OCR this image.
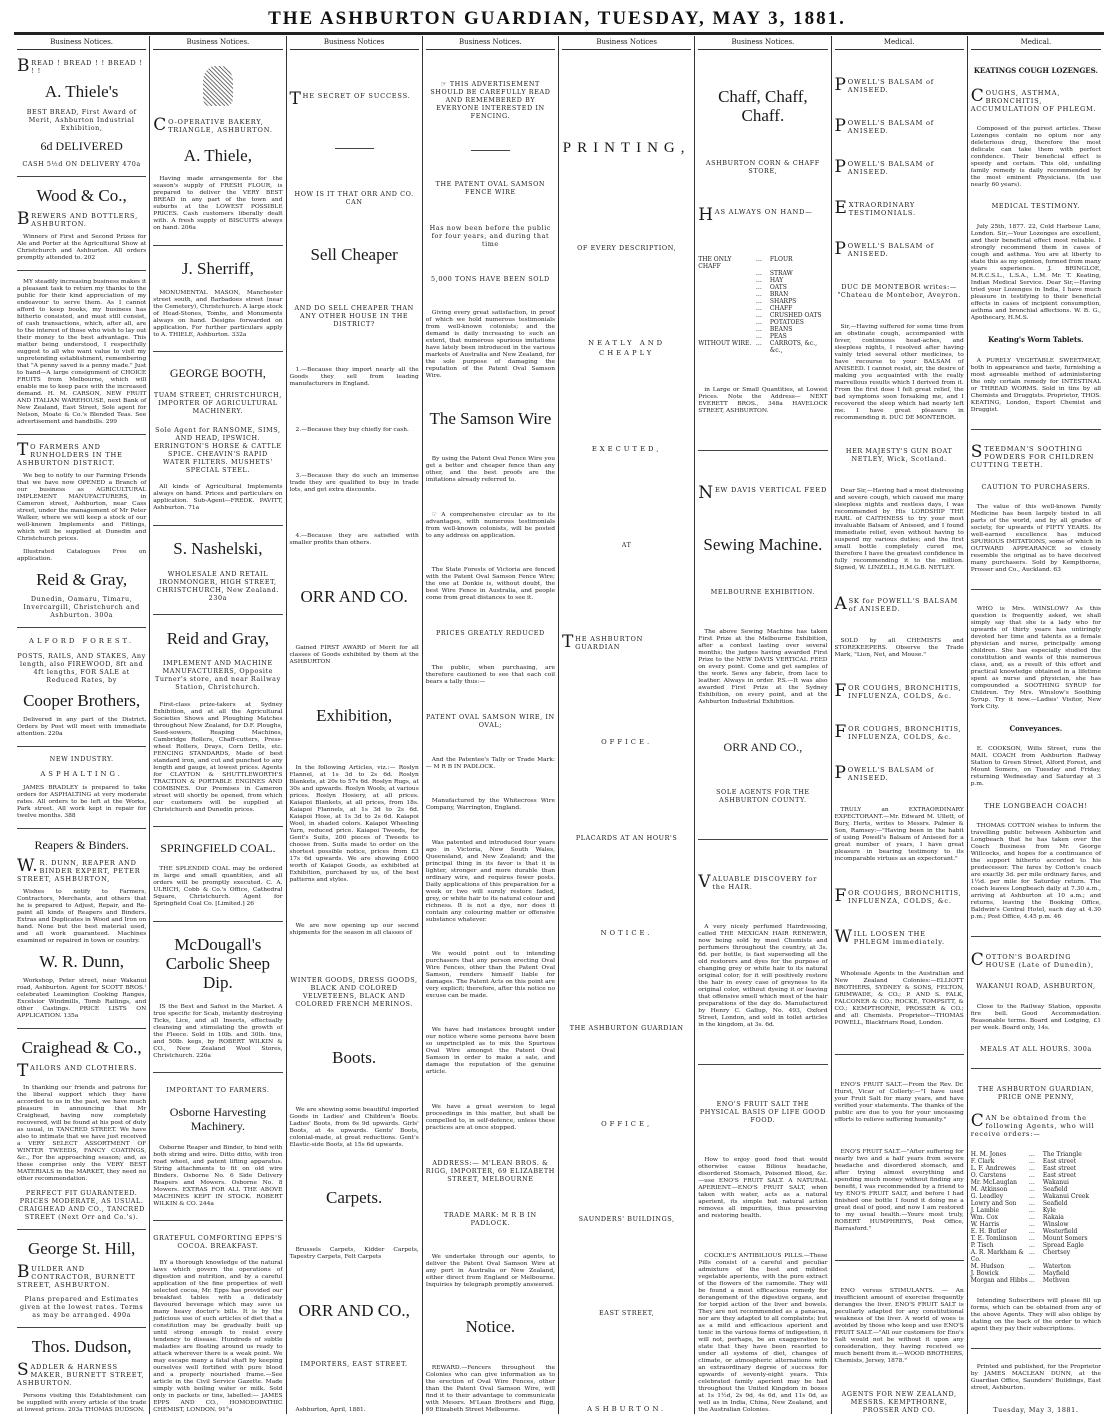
THE ASHBURTON GUARDIAN, TUESDAY, MAY 3, 1881.
Business Notices.
BREAD ! BREAD ! ! BREAD ! ! !
A. Thiele's
BEST BREAD, First Award of Merit, Ashburton Industrial Exhibition,
6d DELIVERED
CASH 5½d ON DELIVERY 470a
Wood & Co.,
BREWERS AND BOTTLERS, ASHBURTON.
Winners of First and Second Prizes for Ale and Porter at the Agricultural Show at Christchurch and Ashburton. All orders promptly attended to. 202
MY steadily increasing business makes it a pleasant task to return my thanks to the public for their kind appreciation of my endeavour to serve them. As I cannot afford to keep books, my business has hitherto consisted, and must still consist, of cash transactions, which, after all, are to the interest of those who wish to lay out their money to the best advantage. This matter being understood, I respectfully suggest to all who want value to visit my unpretending establishment, remembering that "A penny saved is a penny made." Just to hand—A large consignment of CHOICE FRUITS from Melbourne, which will enable me to keep pace with the increased demand. H. M. CARSON, NEW FRUIT AND ITALIAN WAREHOUSE, next Bank of New Zealand, East Street, Sole agent for Nelson, Moate & Co.'s Blended Teas. See advertisement and handbills. 299
TO FARMERS AND RUNHOLDERS IN THE ASHBURTON DISTRICT.
We beg to notify to our Farming Friends that we have now OPENED a Branch of our business as AGRICULTURAL IMPLEMENT MANUFACTURERS, in Cameron street, Ashburton, near Cass street, under the management of Mr Peter Walker, where we will keep a stock of our well-known Implements and Fittings, which will be supplied at Dunedin and Christchurch prices.
Illustrated Catalogues Free on application.
Reid & Gray,
Dunedin, Oamaru, Timaru, Invercargill, Christchurch and Ashburton. 300a
ALFORD FOREST.
POSTS, RAILS, AND STAKES, Any length, also FIREWOOD, 8ft and 4ft lengths, FOR SALE at Reduced Rates, by
Cooper Brothers,
Delivered in any part of the District. Orders by Post will meet with immediate attention. 220a
NEW INDUSTRY.
ASPHALTING.
JAMES BRADLEY is prepared to take orders for ASPHALTING at very moderate rates. All orders to be left at the Works, Park street. All work kept in repair for twelve months. 388
Reapers & Binders.
W.R. DUNN, REAPER AND BINDER EXPERT, PETER STREET, ASHBURTON,
Wishes to notify to Farmers, Contractors, Merchants, and others that he is prepared to Adjust, Repair, and Re-paint all kinds of Reapers and Binders. Extras and Duplicates in Wood and Iron on hand. None but the best material used, and all work guaranteed. Machines examined or repaired in town or country.
W. R. Dunn,
Workshop, Peter street, near Wakanui road, Ashburton. Agent for SCOTT BROS.' celebrated Leamington Cooking Ranges, Excelsior Windmills, Tomb Railings, and other Castings. PRICE LISTS ON APPLICATION. 135a
Craighead & Co.,
TAILORS AND CLOTHIERS.
In thanking our friends and patrons for the liberal support which they have accorded to us in the past, we have much pleasure in announcing that Mr Craighead, having now completely recovered, will be found at his post of duty as usual, in TANCRED STREET. We have also to intimate that we have just received a VERY SELECT ASSORTMENT OF WINTER TWEEDS, FANCY COATINGS, &c., For the approaching season; and, as these comprise only the VERY BEST MATERIALS in the MARKET, they need no other recommendation.
PERFECT FIT GUARANTEED. PRICES MODERATE, AS USUAL. CRAIGHEAD AND CO., TANCRED STREET (Next Orr and Co.'s).
George St. Hill,
BUILDER AND CONTRACTOR, BURNETT STREET, ASHBURTON.
Plans prepared and Estimates given at the lowest rates. Terms as may be arranged. 490a
Thos. Dudson,
SADDLER & HARNESS MAKER, BURNETT STREET, ASHBURTON.
Persons visiting this Establishment can be supplied with every article of the trade at lowest prices. 203a THOMAS DUDSON.
Business Notices.
CO-OPERATIVE BAKERY, TRIANGLE, ASHBURTON.
A. Thiele,
Having made arrangements for the season's supply of FRESH FLOUR, is prepared to deliver the VERY BEST BREAD in any part of the town and suburbs at the LOWEST POSSIBLE PRICES. Cash customers liberally dealt with. A fresh supply of BISCUITS always on hand. 206a
J. Sherriff,
MONUMENTAL MASON, Manchester street south, and Barbadoes street (near the Cemetery), Christchurch. A large stock of Head-Stones, Tombs, and Monuments always on hand. Designs forwarded on application. For further particulars apply to A. THIELE, Ashburton. 332a
GEORGE BOOTH,
TUAM STREET, CHRISTCHURCH, IMPORTER OF AGRICULTURAL MACHINERY.
Sole Agent for RANSOME, SIMS, AND HEAD, IPSWICH. ERRINGTON'S HORSE & CATTLE SPICE. CHEAVIN'S RAPID WATER FILTERS. MUSHETS' SPECIAL STEEL.
All kinds of Agricultural Implements always on hand. Prices and particulars on application. Sub-Agent—FREDK. PAVITT, Ashburton. 71a
S. Nashelski,
WHOLESALE AND RETAIL IRONMONGER, HIGH STREET, CHRISTCHURCH, New Zealand. 230a
Reid and Gray,
IMPLEMENT AND MACHINE MANUFACTURERS, Opposite Turner's store, and near Railway Station, Christchurch.
First-class prize-takers at Sydney Exhibition, and at all the Agricultural Societies Shows and Ploughing Matches throughout New Zealand, for D.F. Ploughs, Seed-sowers, Reaping Machines, Cambridge Rollers, Chaff-cutters, Press-wheel Rollers, Drays, Corn Drills, etc. FENCING STANDARDS, Made of best standard iron, and cut and punched to any length and gauge, at lowest prices. Agents for CLAYTON & SHUTTLEWORTH'S TRACTION & PORTABLE ENGINES AND COMBINES. Our Premises in Cameron street will shortly be opened, from which our customers will be supplied at Christchurch and Dunedin prices.
SPRINGFIELD COAL.
THE SPLENDID COAL may be ordered in large and small quantities, and all orders will be promptly executed. C. A. ULRICH, Cobb & Co.'s Office, Cathedral Square, Christchurch. Agent for Springfield Coal Co. [Limited.] 26
McDougall's Carbolic Sheep Dip.
IS the Best and Safest in the Market. A true specific for Scab, instantly destroying Ticks, Lice, and all Insects, effectually cleansing and stimulating the growth of the Fleece. Sold in 10lb. and 30lb. tins, and 50lb. kegs, by ROBERT WILKIN & CO., New Zealand Wool Stores, Christchurch. 226a
IMPORTANT TO FARMERS.
Osborne Harvesting Machinery.
Osborne Reaper and Binder, to bind with both string and wire. Ditto ditto, with iron road wheel, and patent lifting apparatus. String attachments to fit on old wire Binders. Osborne No. 6 Side Delivery Reapers and Mowers. Osborne No. 8 Mowers. EXTRAS FOR ALL THE ABOVE MACHINES KEPT IN STOCK. ROBERT WILKIN & CO. 244a
GRATEFUL COMFORTING EPPS'S COCOA. BREAKFAST.
BY a thorough knowledge of the natural laws which govern the operations of digestion and nutrition, and by a careful application of the fine properties of well selected cocoa, Mr. Epps has provided our breakfast tables with a delicately flavoured beverage which may save us many heavy doctor's bills. It is by the judicious use of such articles of diet that a constitution may be gradually built up until strong enough to resist every tendency to disease. Hundreds of subtle maladies are floating around us ready to attack wherever there is a weak point. We may escape many a fatal shaft by keeping ourselves well fortified with pure blood and a properly nourished frame.—See article in the Civil Service Gazette. Made simply with boiling water or milk. Sold only in packets or tins, labelled:— JAMES EPPS AND CO., HOMOEOPATHIC CHEMIST, LONDON. 91°a
Business Notices
THE SECRET OF SUCCESS.
HOW IS IT THAT ORR AND CO. CAN
Sell Cheaper
AND DO SELL CHEAPER THAN ANY OTHER HOUSE IN THE DISTRICT?
1.—Because they import nearly all the Goods they sell from leading manufacturers in England.
2.—Because they buy chiefly for cash.
3.—Because they do such an immense trade they are qualified to buy in trade lots, and get extra discounts.
4.—Because they are satisfied with smaller profits than others.
ORR AND CO.
Gained FIRST AWARD of Merit for all classes of Goods exhibited by them at the ASHBURTON
Exhibition,
In the following Articles, viz.:— Roslyn Flannel, at 1s 3d to 2s 6d. Roslyn Blankets, at 20s to 57s 6d. Roslyn Rugs, at 30s and upwards. Roslyn Wools, at various prices. Roslyn Hosiery, at all prices. Kaiapoi Blankets, at all prices, from 18s. Kaiapoi Flannels, at 1s 3d to 2s 6d. Kaiapoi Hose, at 1s 3d to 2s 6d. Kaiapoi Wool, in shaded colors. Kaiapoi Wheeling Yarn, reduced price. Kaiapoi Tweeds, for Gent's Suits, 200 pieces of Tweeds to choose from. Suits made to order on the shortest possible notice, prices from £3 17s 6d upwards. We are showing £600 worth of Kaiapoi Goods, as exhibited at Exhibition, purchased by us, of the best patterns and styles.
We are now opening up our second shipments for the season in all classes of
WINTER GOODS, DRESS GOODS, BLACK AND COLORED VELVETEENS, BLACK AND COLORED FRENCH MERINOS.
Boots.
We are showing some beautiful imported Goods in Ladies' and Children's Boots. Ladies' Boots, from 6s 9d upwards. Girls' Boots, at 4s upwards. Gents' Boots, colonial-made, at great reductions. Gent's Elastic-side Boots, at 15s 6d upwards.
Carpets.
Brussels Carpets, Kidder Carpets, Tapestry Carpets, Felt Carpets
ORR AND CO.,
IMPORTERS, EAST STREET.
Ashburton, April, 1881.
Business Notices.
☞ THIS ADVERTISEMENT SHOULD BE CAREFULLY READ AND REMEMBERED BY EVERYONE INTERESTED IN FENCING.
THE PATENT OVAL SAMSON FENCE WIRE
Has now been before the public for four years, and during that time
5,000 TONS HAVE BEEN SOLD
Giving every great satisfaction, in proof of which we hold numerous testimonials from well-known colonists; and the demand is daily increasing to such an extent, that numerous spurious imitations have lately been introduced in the various markets of Australia and New Zealand, for the sole purpose of damaging the reputation of the Patent Oval Samson Wire.
The Samson Wire
By using the Patent Oval Fence Wire you get a better and cheaper fence than any other, and the best proofs are the imitations already referred to.
☞ A comprehensive circular as to its advantages, with numerous testimonials from well-known colonists, will be posted to any address on application.
The State Forests of Victoria are fenced with the Patent Oval Samson Fence Wire; the one at Donkie is, without doubt, the best Wire Fence in Australia, and people come from great distances to see it.
PRICES GREATLY REDUCED
The public, when purchasing, are therefore cautioned to see that each coil bears a tally thus:—
PATENT OVAL SAMSON WIRE, IN OVAL;
And the Patentee's Tally or Trade Mark:— M R B IN PADLOCK.
Manufactured by the Whitecross Wire Company, Warrington, England.
Was patented and introduced four years ago in Victoria, New South Wales, Queensland, and New Zealand; and the principal thing in its favor is that it is lighter, stronger and more durable than ordinary wire, and requires fewer posts. Daily applications of this preparation for a week or two will surely restore faded, grey, or white hair to its natural colour and richness. It is not a dye, nor does it contain any colouring matter or offensive substance whatever.
We would point out to intending purchasers that any person erecting Oval Wire Fences, other than the Patent Oval Samson, renders himself liable for damages. The Patent Acts on this point are very explicit; therefore, after this notice no excuse can be made.
We have had instances brought under our notice where some persons have been so unprincipled as to mix the Spurious Oval Wire amongst the Patent Oval Samson in order to make a sale, and damage the reputation of the genuine article.
We have a great aversion to legal proceedings in this matter, but shall be compelled to, in self-defence, unless these practices are at once stopped.
ADDRESS:— M'LEAN BROS. & RIGG, IMPORTER, 69 ELIZABETH STREET, MELBOURNE
TRADE MARK: M R B IN PADLOCK.
We undertake through our agents, to deliver the Patent Oval Samson Wire at any port in Australia or New Zealand, either direct from England or Melbourne. Inquiries by telegraph promptly answered.
Notice.
REWARD.—Fencers throughout the Colonies who can give information as to the erection of Oval Wire Fences, other than the Patent Oval Samson Wire, will find it to their advantage to communicate with Messrs. M'Lean Brothers and Rigg, 69 Elizabeth Street Melbourne.
Business Notices
PRINTING,
OF EVERY DESCRIPTION,
NEATLY AND CHEAPLY
EXECUTED,
AT
THE ASHBURTON GUARDIAN
OFFICE.
PLACARDS AT AN HOUR'S
NOTICE.
THE ASHBURTON GUARDIAN
OFFICE,
SAUNDERS' BUILDINGS,
EAST STREET,
ASHBURTON.
Business Notices.
Chaff, Chaff, Chaff.
ASHBURTON CORN & CHAFF STORE,
HAS ALWAYS ON HAND—
THE ONLY CHAFF
…	FLOUR
…	STRAW
…	HAY
…	OATS
…	BRAN
…	SHARPS
…	CHAFF
…	CRUSHED OATS
…	POTATOES
…	BEANS
…	PEAS
WITHOUT WIRE. …	CARROTS, &c., &c.,
in Large or Small Quantities, at Lowest Prices. Note the Address— NEXT EVERETT BROS., 348a HAVELOCK STREET, ASHBURTON.
NEW DAVIS VERTICAL FEED
Sewing Machine.
MELBOURNE EXHIBITION.
The above Sewing Machine has taken First Prize at the Melbourne Exhibition, after a contest lasting over several months; the judges having awarded First Prize to the NEW DAVIS VERTICAL FEED on every point. Come and get samples of the work. Sews any fabric, from lace to leather. Always in order. P.S.—It was also awarded First Prize at the Sydney Exhibition, on every point, and at the Ashburton Industrial Exhibition.
ORR AND CO.,
SOLE AGENTS FOR THE ASHBURTON COUNTY.
VALUABLE DISCOVERY for the HAIR.
A very nicely perfumed Hairdressing, called THE MEXICAN HAIR RENEWER, now being sold by most Chemists and perfumers throughout the country, at 3s. 6d. per bottle, is fast superseding all the old restorers and dyes for the purpose of changing grey or white hair to its natural original color, for it will positively restore the hair in every case of greyness to its original color, without dyeing it or leaving that offensive smell which most of the hair preparations of the day do. Manufactured by Henry C. Gallup, No. 493, Oxford Street, London, and sold in toilet articles in the kingdom, at 3s. 6d.
ENO'S FRUIT SALT THE PHYSICAL BASIS OF LIFE GOOD FOOD.
How to enjoy good food that would otherwise cause Bilious headache, disordered Stomach, Poisoned Blood, &c.—use ENO'S FRUIT SALT. A NATURAL APERIENT.—ENO'S FRUIT SALT, when taken with water, acts as a natural aperient, its simple but natural action removes all impurities, thus preserving and restoring health.
COCKLE'S ANTIBILIOUS PILLS.—These Pills consist of a careful and peculiar admixture of the best and mildest vegetable aperients, with the pure extract of the flowers of the camomile. They will be found a most efficacious remedy for derangement of the digestive organs, and for torpid action of the liver and bowels. They are not recommended as a panacea, nor are they adapted to all complaints; but as a mild and efficacious aperient and tonic in the various forms of indigestion, it will not, perhaps, be an exaggeration to state that they have been resorted to under all systems of diet, changes of climate, or atmospheric alternations with an extraordinary degree of success for upwards of seventy-eight years. This celebrated family aperient may be had throughout the United Kingdom in boxes at 1s 1½d, 2s 9d, 4s 6d, and 11s 0d, as well as in India, China, New Zealand, and the Australian Colonies.
Medical.
POWELL'S BALSAM of ANISEED.
POWELL'S BALSAM of ANISEED.
POWELL'S BALSAM of ANISEED.
EXTRAORDINARY TESTIMONIALS.
POWELL'S BALSAM of ANISEED.
DUC DE MONTEBOR writes:— "Chateau de Montebor, Aveyron.
Sir,—Having suffered for some time from an obstinate cough, accompanied with fever, continuous head-aches, and sleepless nights, I resolved after having vainly tried several other medicines, to have recourse to your BALSAM of ANISEED. I cannot resist, sir, the desire of making you acquainted with the really marvellous results which I derived from it. From the first dose I felt great relief, the bad symptoms soon forsaking me, and I recovered the sleep which had nearly left me. I have great pleasure in recommending it. DUC DE MONTEBOR.
HER MAJESTY'S GUN BOAT NETLEY, Wick, Scotland.
Dear Sir,—Having had a most distressing and severe cough, which caused me many sleepless nights and restless days, I was recommended by His LORDSHIP THE EARL of CAITHNESS to try your most invaluable Balsam of Aniseed, and I found immediate relief, even without having to suspend my various duties; and the first small bottle completely cured me, therefore I have the greatest confidence in fully recommending it to the million. Signed, W. LINZELL, H.M.G.B. NETLEY.
ASK for POWELL'S BALSAM of ANISEED.
SOLD by all CHEMISTS and STOREKEEPERS. Observe the Trade Mark, "Lion, Net, and Mouse."
FOR COUGHS, BRONCHITIS, INFLUENZA, COLDS, &c.
FOR COUGHS, BRONCHITIS, INFLUENZA, COLDS, &c.
POWELL'S BALSAM of ANISEED.
TRULY an EXTRAORDINARY EXPECTORANT.—Mr. Edward M. Ullett, of Bury, Herts, writes to Messrs. Palmer & Son, Ramsey:—"Having been in the habit of using Powell's Balsam of Aniseed for a great number of years, I have great pleasure in bearing testimony to its incomparable virtues as an expectorant."
FOR COUGHS, BRONCHITIS, INFLUENZA, COLDS, &c.
WILL LOOSEN THE PHLEGM immediately.
Wholesale Agents in the Australian and New Zealand Colonies:—ELLIOTT BROTHERS, SYDNEY & SONS, FELTON, GRIMWADE, & CO.; P. AND S. FALK, FALCONER & CO.; ROCKE, TOMPSITT, & CO.; KEMPTHORNE, PROSSER & CO.; and all Chemists. Proprietor—THOMAS POWELL, Blackfriars Road, London.
ENO'S FRUIT SALT.—From the Rev. Dr. Hurst, Vicar of Collerly:—"I have used your Fruit Salt for many years, and have verified your statements. The thanks of the public are due to you for your unceasing efforts to relieve suffering humanity."
ENO'S FRUIT SALT.—"After suffering for nearly two and a half years from severe headache and disordered stomach, and after trying almost everything and spending much money without finding any benefit, I was recommended by a friend to try ENO'S FRUIT SALT, and before I had finished one bottle I found it doing me a great deal of good, and now I am restored to my usual health.—Yours most truly, ROBERT HUMPHREYS, Post Office, Barrasford."
ENO versus STIMULANTS. — An insufficient amount of exercise frequently deranges the liver. ENO'S FRUIT SALT is peculiarly adapted for any constitutional weakness of the liver. A world of woes is avoided by those who keep and use ENO'S FRUIT SALT.—"All our customers for Eno's Salt would not be without it upon any consideration, they having received so much benefit from it.—WOOD BROTHERS, Chemists, Jersey, 1878."
AGENTS FOR NEW ZEALAND, MESSRS. KEMPTHORNE, PROSSER AND CO.
Medical.
KEATINGS COUGH LOZENGES.
COUGHS, ASTHMA, BRONCHITIS, ACCUMULATION OF PHLEGM.
Composed of the purest articles. These Lozenges contain no opium nor any deleterious drug, therefore the most delicate can take them with perfect confidence. Their beneficial effect is speedy and certain. This old, unfailing family remedy is daily recommended by the most eminent Physicians. (In use nearly 60 years).
MEDICAL TESTIMONY.
July 25th, 1877. 22, Cold Harbour Lane, London. Sir,—Your Lozenges are excellent, and their beneficial effect most reliable. I strongly recommend them in cases of cough and asthma. You are at liberty to state this as my opinion, formed from many years experience. J. BRINGLOE, M.R.C.S.L., L.S.A., L.M. Mr. T. Keating, Indian Medical Service. Dear Sir,—Having tried your Lozenges in India, I have much pleasure in testifying to their beneficial effects in cases of incipient consumption, asthma and bronchial affections. W. B. G., Apothecary, H.M.S.
Keating's Worm Tablets.
A PURELY VEGETABLE SWEETMEAT, both in appearance and taste, furnishing a most agreeable method of administering the only certain remedy for INTESTINAL or THREAD WORMS. Sold in tins by all Chemists and Druggists. Proprietor, THOS. KEATING, London, Export Chemist and Druggist.
STEEDMAN'S SOOTHING POWDERS FOR CHILDREN CUTTING TEETH.
CAUTION TO PURCHASERS.
The value of this well-known Family Medicine has been largely tested in all parts of the world, and by all grades of society, for upwards of FIFTY YEARS. Its well-earned excellence has induced SPURIOUS IMITATIONS, some of which in OUTWARD APPEARANCE so closely resemble the original as to have deceived many purchasers. Sold by Kempthorne, Prosser and Co., Auckland. 63
WHO is Mrs. WINSLOW? As this question is frequently asked, we shall simply say that she is a lady who for upwards of thirty years has untiringly devoted her time and talents as a female physician and nurse, principally among children. She has especially studied the constitution and wants of this numerous class, and, as a result of this effort and practical knowledge obtained in a lifetime spent as nurse and physician, she has compounded a SOOTHING SYRUP for Children. Try Mrs. Winslow's Soothing Syrup. Try it now.—Ladies' Visitor, New York City.
Conveyances.
E. COOKSON, Wills Street, runs the MAIL COACH from Ashburton Railway Station to Green Street, Alford Forest, and Mount Somers, on Tuesday and Friday, returning Wednesday and Saturday at 3 p.m.
THE LONGBEACH COACH!
THOMAS COTTON wishes to inform the travelling public between Ashburton and Longbeach that he has taken over the Coach Business from Mr. George Willcocks, and hopes for a continuance of the support hitherto accorded to his predecessor. The fares by Cotton's coach are exactly 3d. per mile ordinary fares, and 1½d. per mile for Saturday return. The coach leaves Longbeach daily at 7.30 a.m., arriving at Ashburton at 10 a.m.; and returns, leaving the Booking Office, Baldwin's Central Hotel, each day at 4.30 p.m.; Post Office, 4.45 p.m. 46
COTTON'S BOARDING HOUSE (Late of Dunedin),
WAKANUI ROAD, ASHBURTON,
Close to the Railway Station, opposite fire bell. Good Accommodation. Reasonable terms. Board and Lodging, £1 per week. Board only, 14s.
MEALS AT ALL HOURS. 300a
THE ASHBURTON GUARDIAN, PRICE ONE PENNY,
CAN be obtained from the following Agents, who will receive orders:—
H. M. Jones	…	The Triangle
F. Clark	…	East street
L. F. Andrewes	…	East street
O. Carstens	…	East street
Mr. McLauglan	…	Wakanui
M. Atkinson	…	Seafield
G. Leadley	…	Wakanui Creek
Lowry and Son	…	Seafield
J. Lambie	…	Kyle
Wm. Cox	…	Rakaia
W. Harris	…	Winslow
E. H. Butler	…	Westerfield
T. E. Tomlinson	…	Mount Somers
P. Tisch	…	Spread Eagle
A. R. Markham & Co.
…	Chertsey
M. Hudson	…	Waterton
J. Bowick	…	Mayfield
Morgan and Hibbs …	Methven
Intending Subscribers will please fill up forms, which can be obtained from any of the above Agents. They will also oblige by stating on the back of the order to which agent they pay their subscriptions.
Printed and published, for the Proprietor by JAMES MACLEAN DUNN, at the Guardian Office, Saunders' Buildings, East street, Ashburton.
Tuesday, May 3, 1881.
